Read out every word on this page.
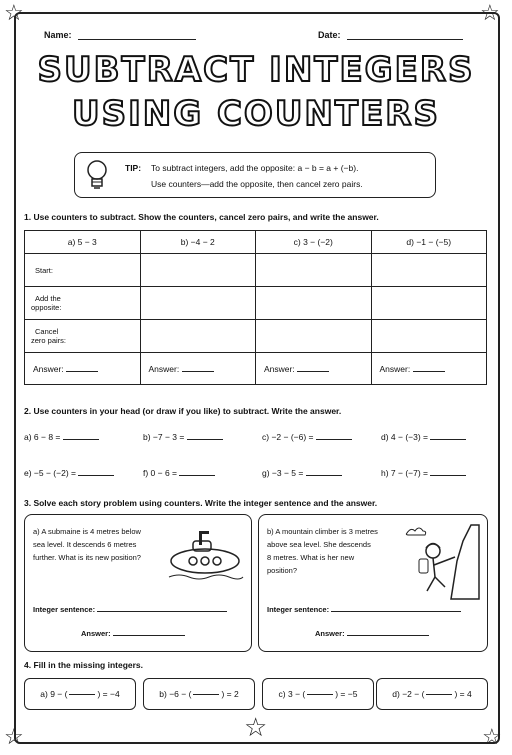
☆	☆
☆	☆
☆
Name:	Date:
SUBTRACT INTEGERS
USING COUNTERS
TIP: To subtract integers, add the opposite: a − b = a + (−b).
Use counters—add the opposite, then cancel zero pairs.
1. Use counters to subtract. Show the counters, cancel zero pairs, and write the answer.
a) 5 − 3	b) −4 − 2	c) 3 − (−2)	d) −1 − (−5)
Start:			

Add the
opposite:			

Cancel
zero pairs:			

Answer:	Answer:	Answer:	Answer:
2. Use counters in your head (or draw if you like) to subtract. Write the answer.
a) 6 − 8 =	b) −7 − 3 =	c) −2 − (−6) =	d) 4 − (−3) =
e) −5 − (−2) =	f) 0 − 6 =	g) −3 − 5 =	h) 7 − (−7) =
3. Solve each story problem using counters. Write the integer sentence and the answer.
a) A submaine is 4 metres below
sea level. It descends 6 metres
further. What is its new position?
Integer sentence:
Answer:
b) A mountain climber is 3 metres
above sea level. She descends
8 metres. What is her new
position?
Integer sentence:
Answer:
4. Fill in the missing integers.
a) 9 − (	) = −4	b) −6 − (	) = 2	c) 3 − (	) = −5	d) −2 − (	) = 4
